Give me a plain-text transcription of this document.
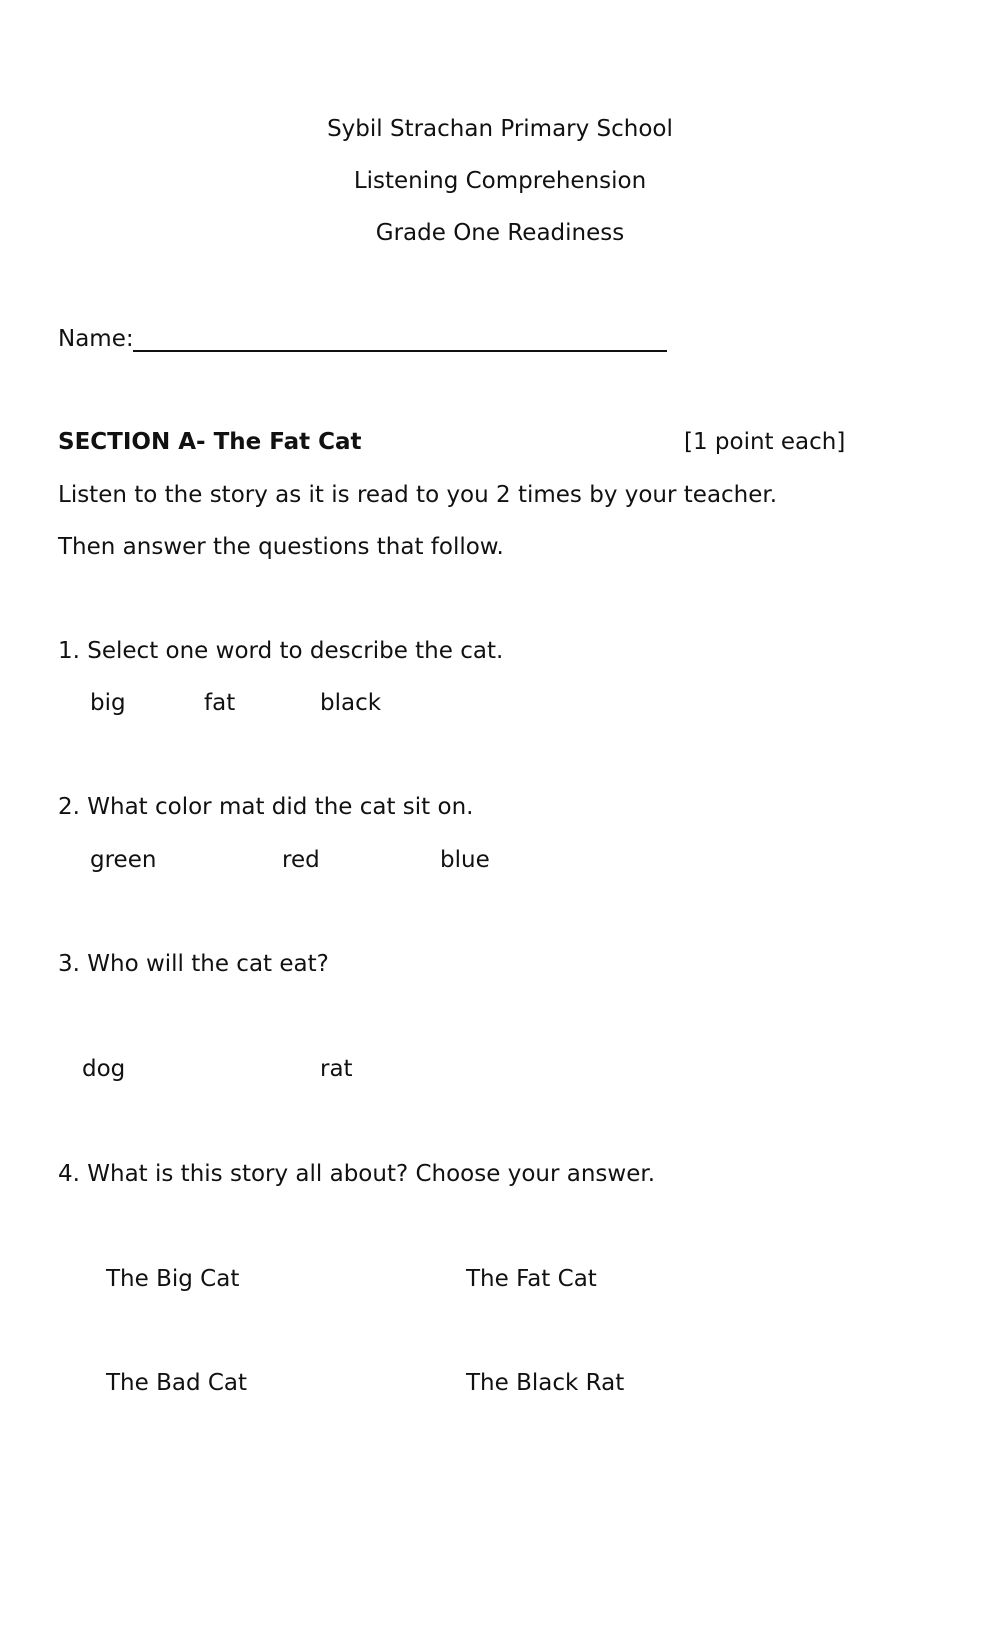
Sybil Strachan Primary School
Listening Comprehension
Grade One Readiness
Name:
SECTION A- The Fat Cat	[1 point each]
Listen to the story as it is read to you 2 times by your teacher.
Then answer the questions that follow.
1. Select one word to describe the cat.
big	fat	black
2. What color mat did the cat sit on.
green	red	blue
3. Who will the cat eat?
dog	rat
4. What is this story all about? Choose your answer.
The Big Cat	The Fat Cat
The Bad Cat	The Black Rat
